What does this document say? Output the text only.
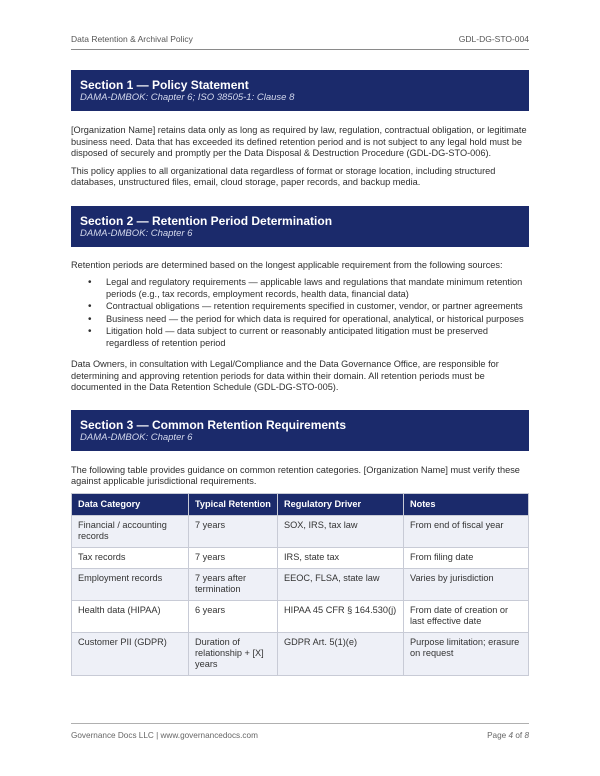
Data Retention & Archival Policy	GDL-DG-STO-004
Section 1 — Policy Statement
DAMA-DMBOK: Chapter 6; ISO 38505-1: Clause 8

[Organization Name] retains data only as long as required by law, regulation, contractual obligation, or legitimate business need. Data that has exceeded its defined retention period and is not subject to any legal hold must be disposed of securely and promptly per the Data Disposal & Destruction Procedure (GDL-DG-STO-006).

This policy applies to all organizational data regardless of format or storage location, including structured databases, unstructured files, email, cloud storage, paper records, and backup media.

Section 2 — Retention Period Determination
DAMA-DMBOK: Chapter 6

Retention periods are determined based on the longest applicable requirement from the following sources:

• Legal and regulatory requirements — applicable laws and regulations that mandate minimum retention periods (e.g., tax records, employment records, health data, financial data)
• Contractual obligations — retention requirements specified in customer, vendor, or partner agreements
• Business need — the period for which data is required for operational, analytical, or historical purposes
• Litigation hold — data subject to current or reasonably anticipated litigation must be preserved regardless of retention period

Data Owners, in consultation with Legal/Compliance and the Data Governance Office, are responsible for determining and approving retention periods for data within their domain. All retention periods must be documented in the Data Retention Schedule (GDL-DG-STO-005).

Section 3 — Common Retention Requirements
DAMA-DMBOK: Chapter 6

The following table provides guidance on common retention categories. [Organization Name] must verify these against applicable jurisdictional requirements.

Data Category	Typical Retention	Regulatory Driver	Notes
Financial / accounting records	7 years	SOX, IRS, tax law	From end of fiscal year
Tax records	7 years	IRS, state tax	From filing date
Employment records	7 years after termination	EEOC, FLSA, state law	Varies by jurisdiction
Health data (HIPAA)	6 years	HIPAA 45 CFR § 164.530(j)	From date of creation or last effective date
Customer PII (GDPR)	Duration of relationship + [X] years	GDPR Art. 5(1)(e)	Purpose limitation; erasure on request
Governance Docs LLC | www.governancedocs.com	Page 4 of 8
